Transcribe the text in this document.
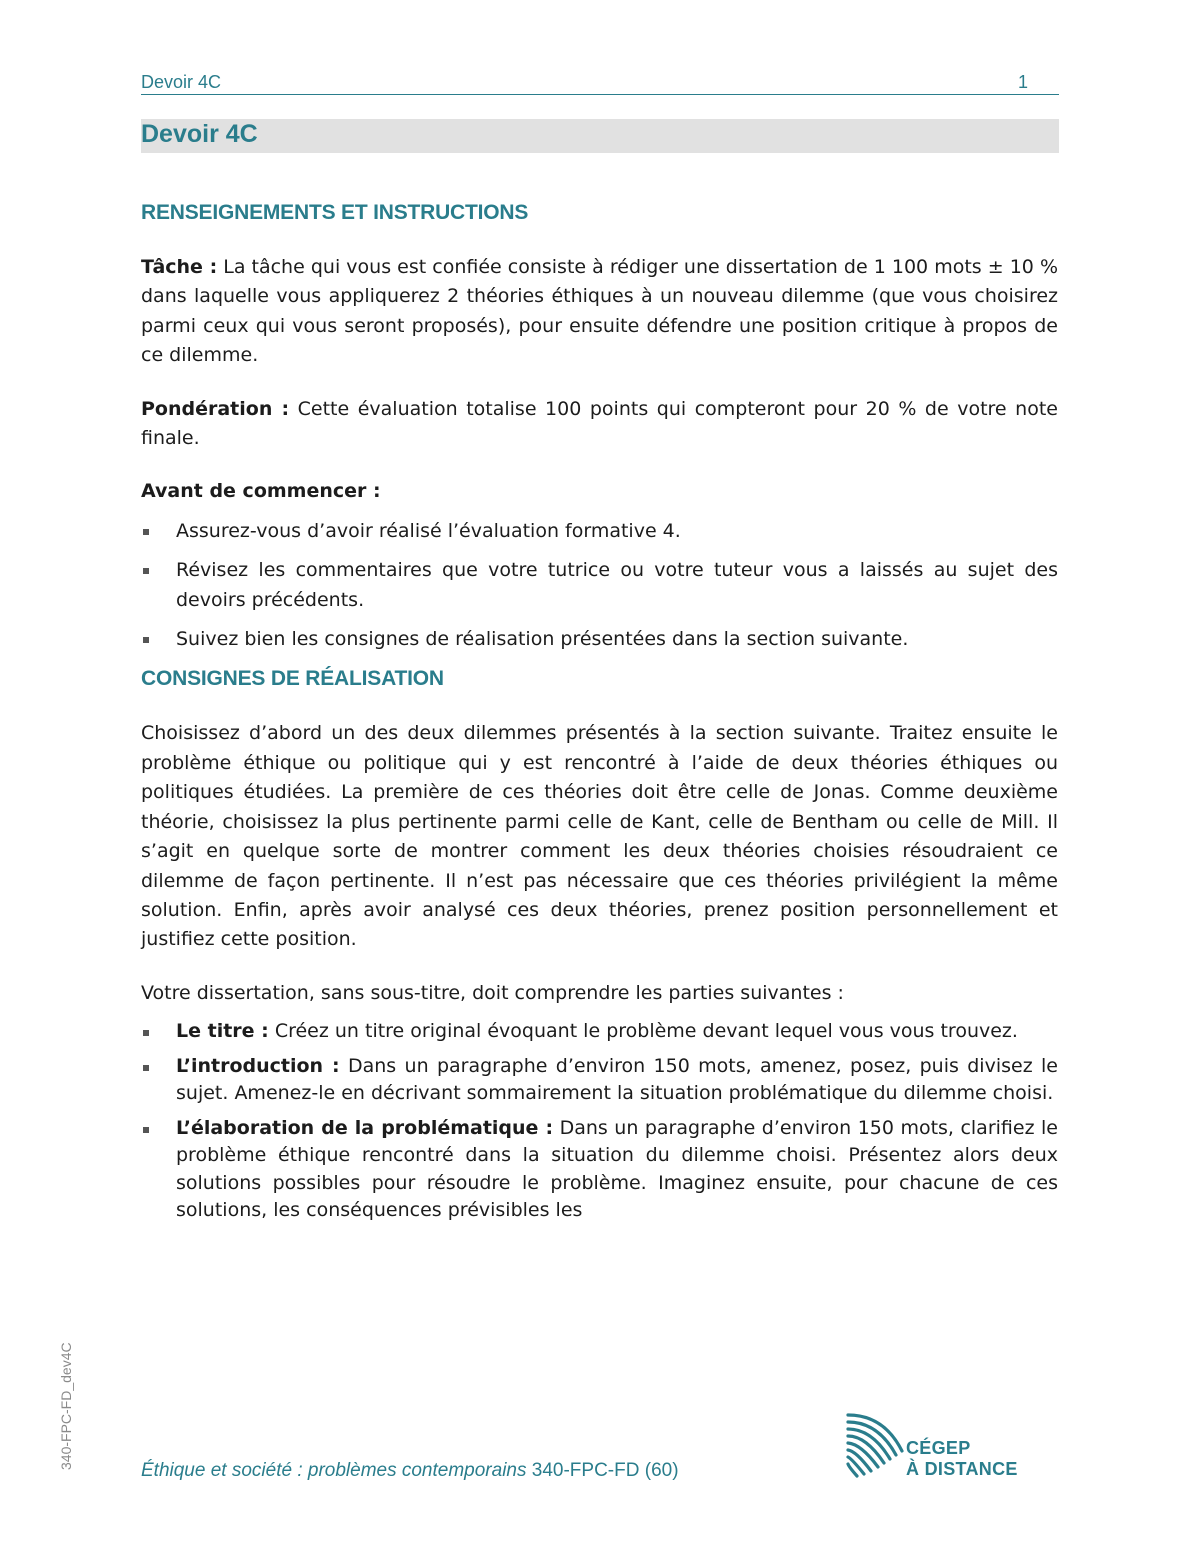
Devoir 4C	1
Devoir 4C
RENSEIGNEMENTS ET INSTRUCTIONS

Tâche : La tâche qui vous est confiée consiste à rédiger une dissertation de 1 100 mots ± 10 % dans laquelle vous appliquerez 2 théories éthiques à un nouveau dilemme (que vous choisirez parmi ceux qui vous seront proposés), pour ensuite défendre une position critique à propos de ce dilemme.

Pondération : Cette évaluation totalise 100 points qui compteront pour 20 % de votre note finale.

Avant de commencer :

Assurez-vous d’avoir réalisé l’évaluation formative 4.
Révisez les commentaires que votre tutrice ou votre tuteur vous a laissés au sujet des devoirs précédents.
Suivez bien les consignes de réalisation présentées dans la section suivante.
CONSIGNES DE RÉALISATION

Choisissez d’abord un des deux dilemmes présentés à la section suivante. Traitez ensuite le problème éthique ou politique qui y est rencontré à l’aide de deux théories éthiques ou politiques étudiées. La première de ces théories doit être celle de Jonas. Comme deuxième théorie, choisissez la plus pertinente parmi celle de Kant, celle de Bentham ou celle de Mill. Il s’agit en quelque sorte de montrer comment les deux théories choisies résoudraient ce dilemme de façon pertinente. Il n’est pas nécessaire que ces théories privilégient la même solution. Enfin, après avoir analysé ces deux théories, prenez position personnellement et justifiez cette position.

Votre dissertation, sans sous-titre, doit comprendre les parties suivantes :

Le titre : Créez un titre original évoquant le problème devant lequel vous vous trouvez.
L’introduction : Dans un paragraphe d’environ 150 mots, amenez, posez, puis divisez le sujet. Amenez-le en décrivant sommairement la situation problématique du dilemme choisi.
L’élaboration de la problématique : Dans un paragraphe d’environ 150 mots, clarifiez le problème éthique rencontré dans la situation du dilemme choisi. Présentez alors deux solutions possibles pour résoudre le problème. Imaginez ensuite, pour chacune de ces solutions, les conséquences prévisibles les
340-FPC-FD_dev4C
Éthique et société : problèmes contemporains 340-FPC-FD (60)
CÉGEP
À DISTANCE
